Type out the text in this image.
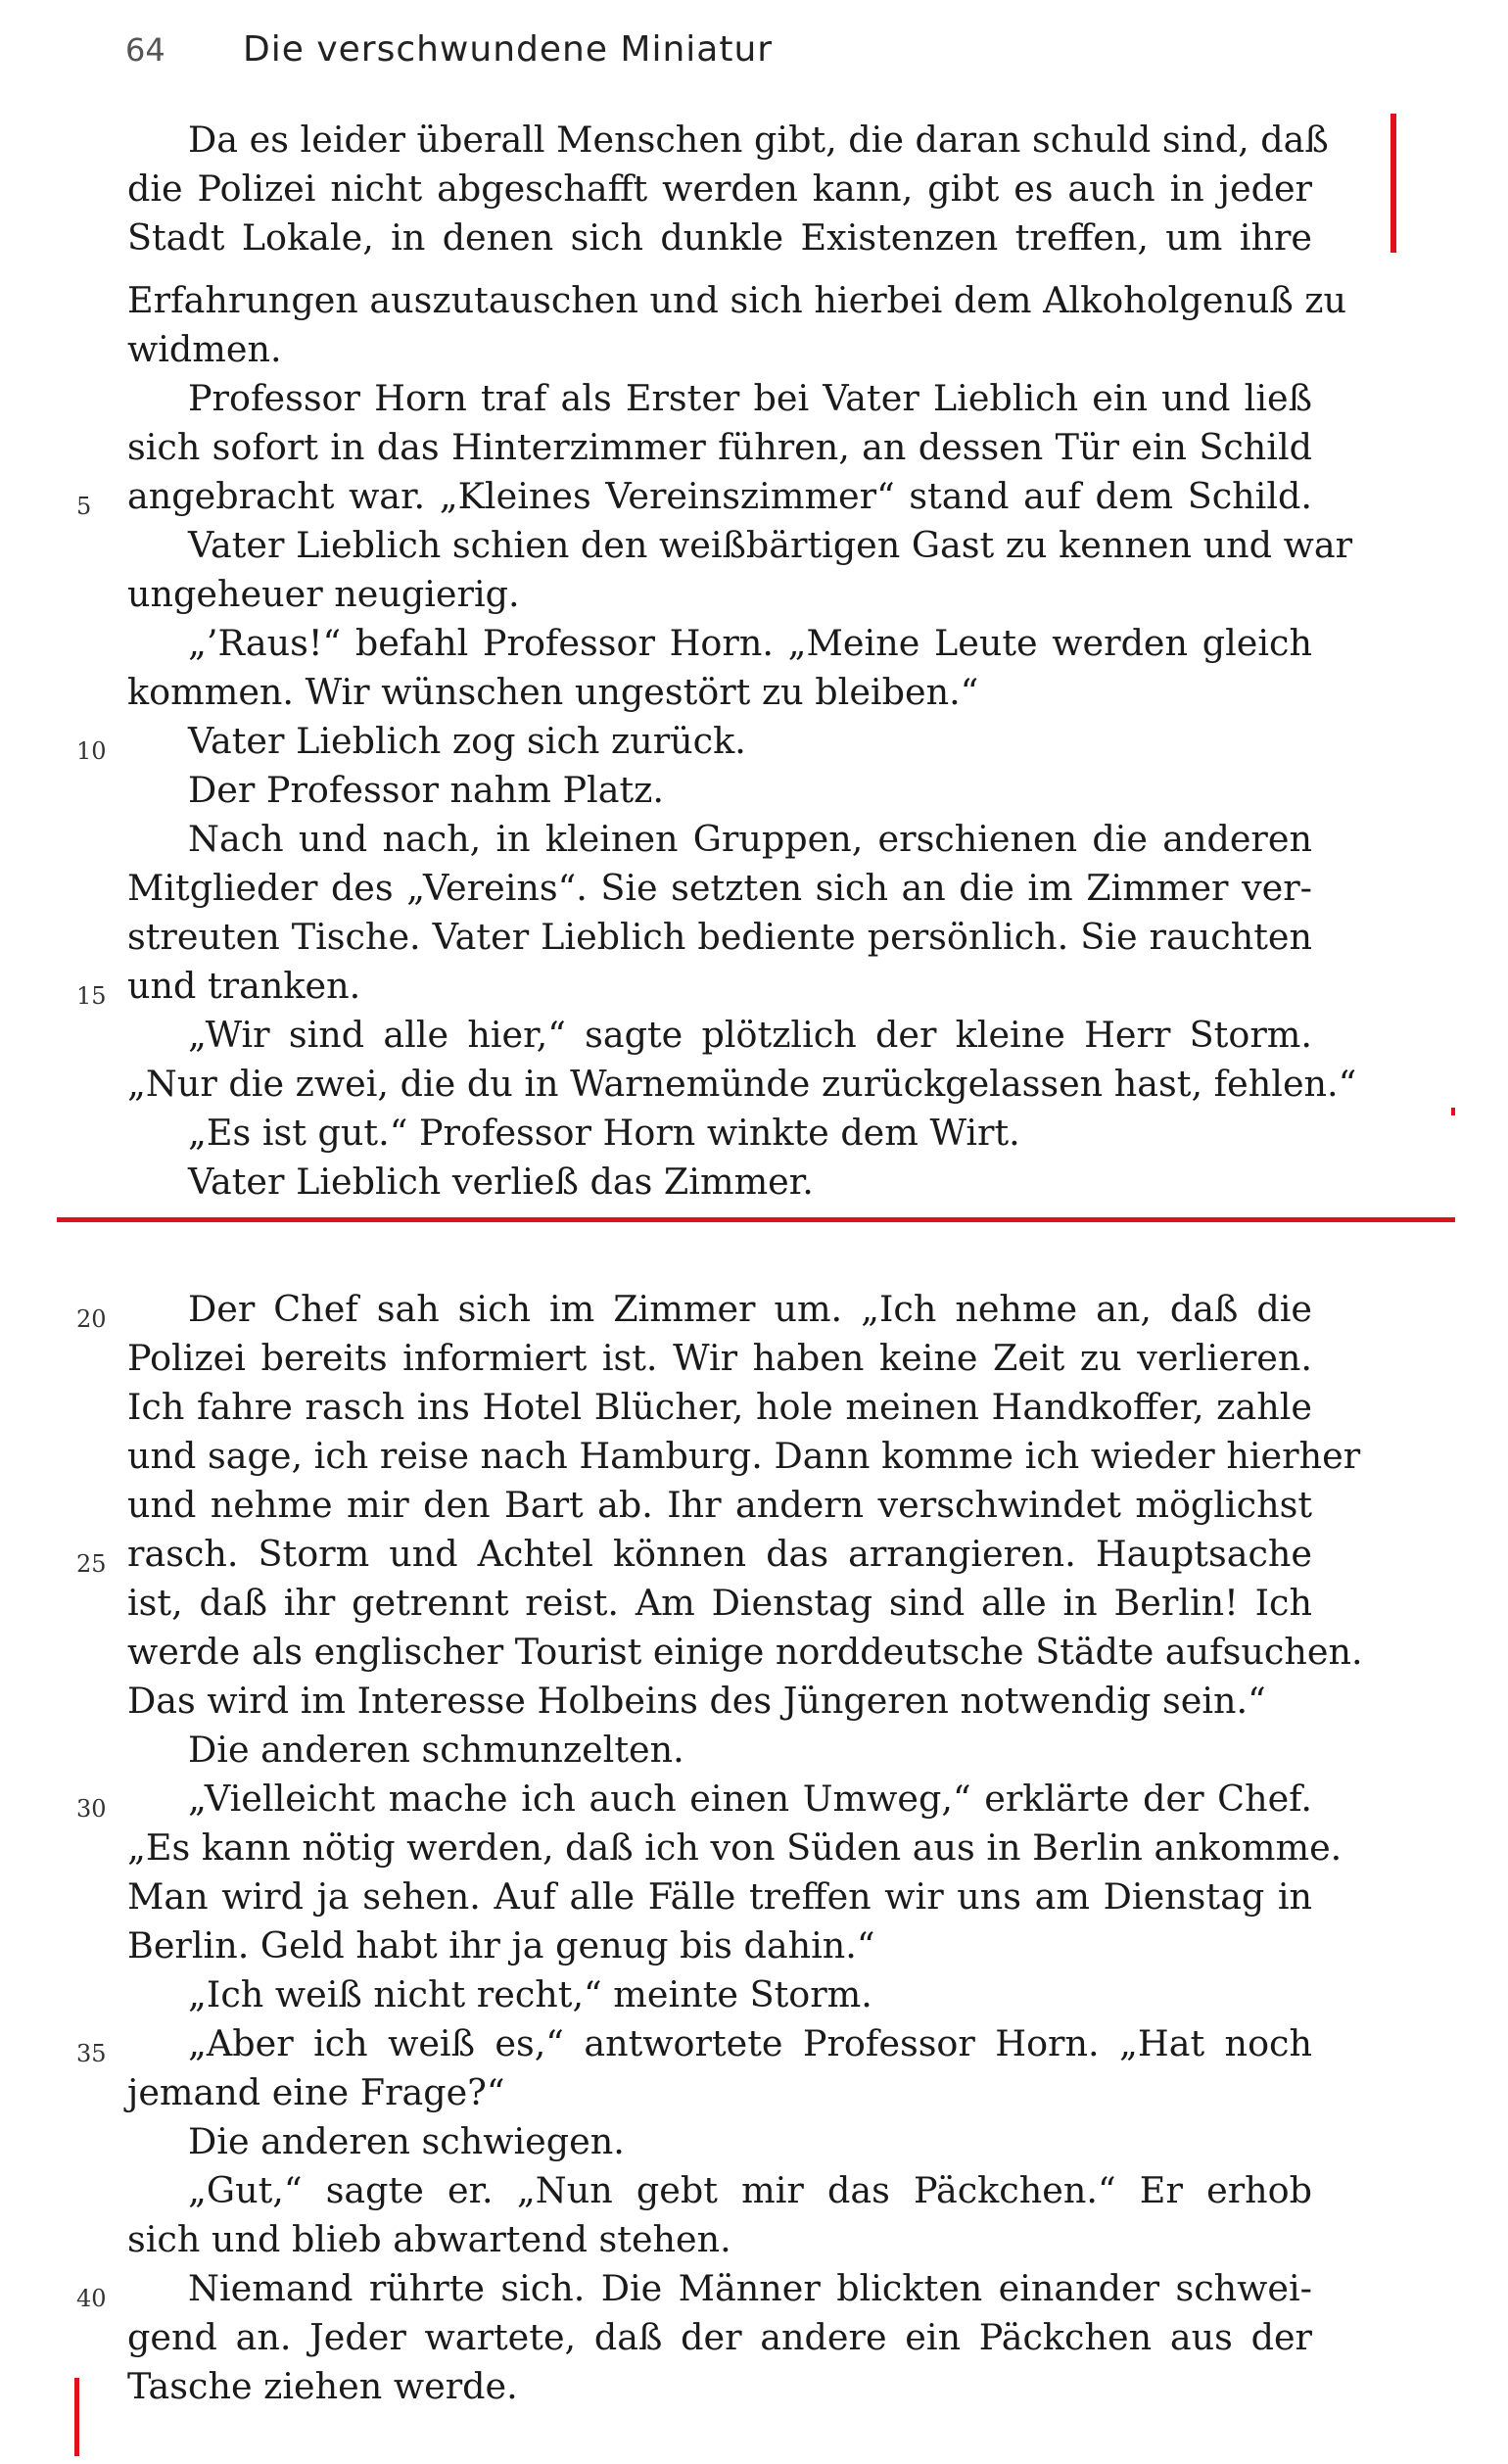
64	Die verschwundene Miniatur
Da es leider überall Menschen gibt, die daran schuld sind, daß
die Polizei nicht abgeschafft werden kann, gibt es auch in jeder
Stadt Lokale, in denen sich dunkle Existenzen treffen, um ihre
Erfahrungen auszutauschen und sich hierbei dem Alkoholgenuß zu
widmen.
Professor Horn traf als Erster bei Vater Lieblich ein und ließ
sich sofort in das Hinterzimmer führen, an dessen Tür ein Schild
5 angebracht war. „Kleines Vereinszimmer“ stand auf dem Schild.
Vater Lieblich schien den weißbärtigen Gast zu kennen und war
ungeheuer neugierig.
„’Raus!“ befahl Professor Horn. „Meine Leute werden gleich
kommen. Wir wünschen ungestört zu bleiben.“
10 Vater Lieblich zog sich zurück.
Der Professor nahm Platz.
Nach und nach, in kleinen Gruppen, erschienen die anderen
Mitglieder des „Vereins“. Sie setzten sich an die im Zimmer ver-
streuten Tische. Vater Lieblich bediente persönlich. Sie rauchten
15 und tranken.
„Wir sind alle hier,“ sagte plötzlich der kleine Herr Storm.
„Nur die zwei, die du in Warnemünde zurückgelassen hast, fehlen.“
„Es ist gut.“ Professor Horn winkte dem Wirt.
Vater Lieblich verließ das Zimmer.
20 Der Chef sah sich im Zimmer um. „Ich nehme an, daß die
Polizei bereits informiert ist. Wir haben keine Zeit zu verlieren.
Ich fahre rasch ins Hotel Blücher, hole meinen Handkoffer, zahle
und sage, ich reise nach Hamburg. Dann komme ich wieder hierher
und nehme mir den Bart ab. Ihr andern verschwindet möglichst
25 rasch. Storm und Achtel können das arrangieren. Hauptsache
ist, daß ihr getrennt reist. Am Dienstag sind alle in Berlin! Ich
werde als englischer Tourist einige norddeutsche Städte aufsuchen.
Das wird im Interesse Holbeins des Jüngeren notwendig sein.“
Die anderen schmunzelten.
30 „Vielleicht mache ich auch einen Umweg,“ erklärte der Chef.
„Es kann nötig werden, daß ich von Süden aus in Berlin ankomme.
Man wird ja sehen. Auf alle Fälle treffen wir uns am Dienstag in
Berlin. Geld habt ihr ja genug bis dahin.“
„Ich weiß nicht recht,“ meinte Storm.
35 „Aber ich weiß es,“ antwortete Professor Horn. „Hat noch
jemand eine Frage?“
Die anderen schwiegen.
„Gut,“ sagte er. „Nun gebt mir das Päckchen.“ Er erhob
sich und blieb abwartend stehen.
40 Niemand rührte sich. Die Männer blickten einander schwei-
gend an. Jeder wartete, daß der andere ein Päckchen aus der
Tasche ziehen werde.
